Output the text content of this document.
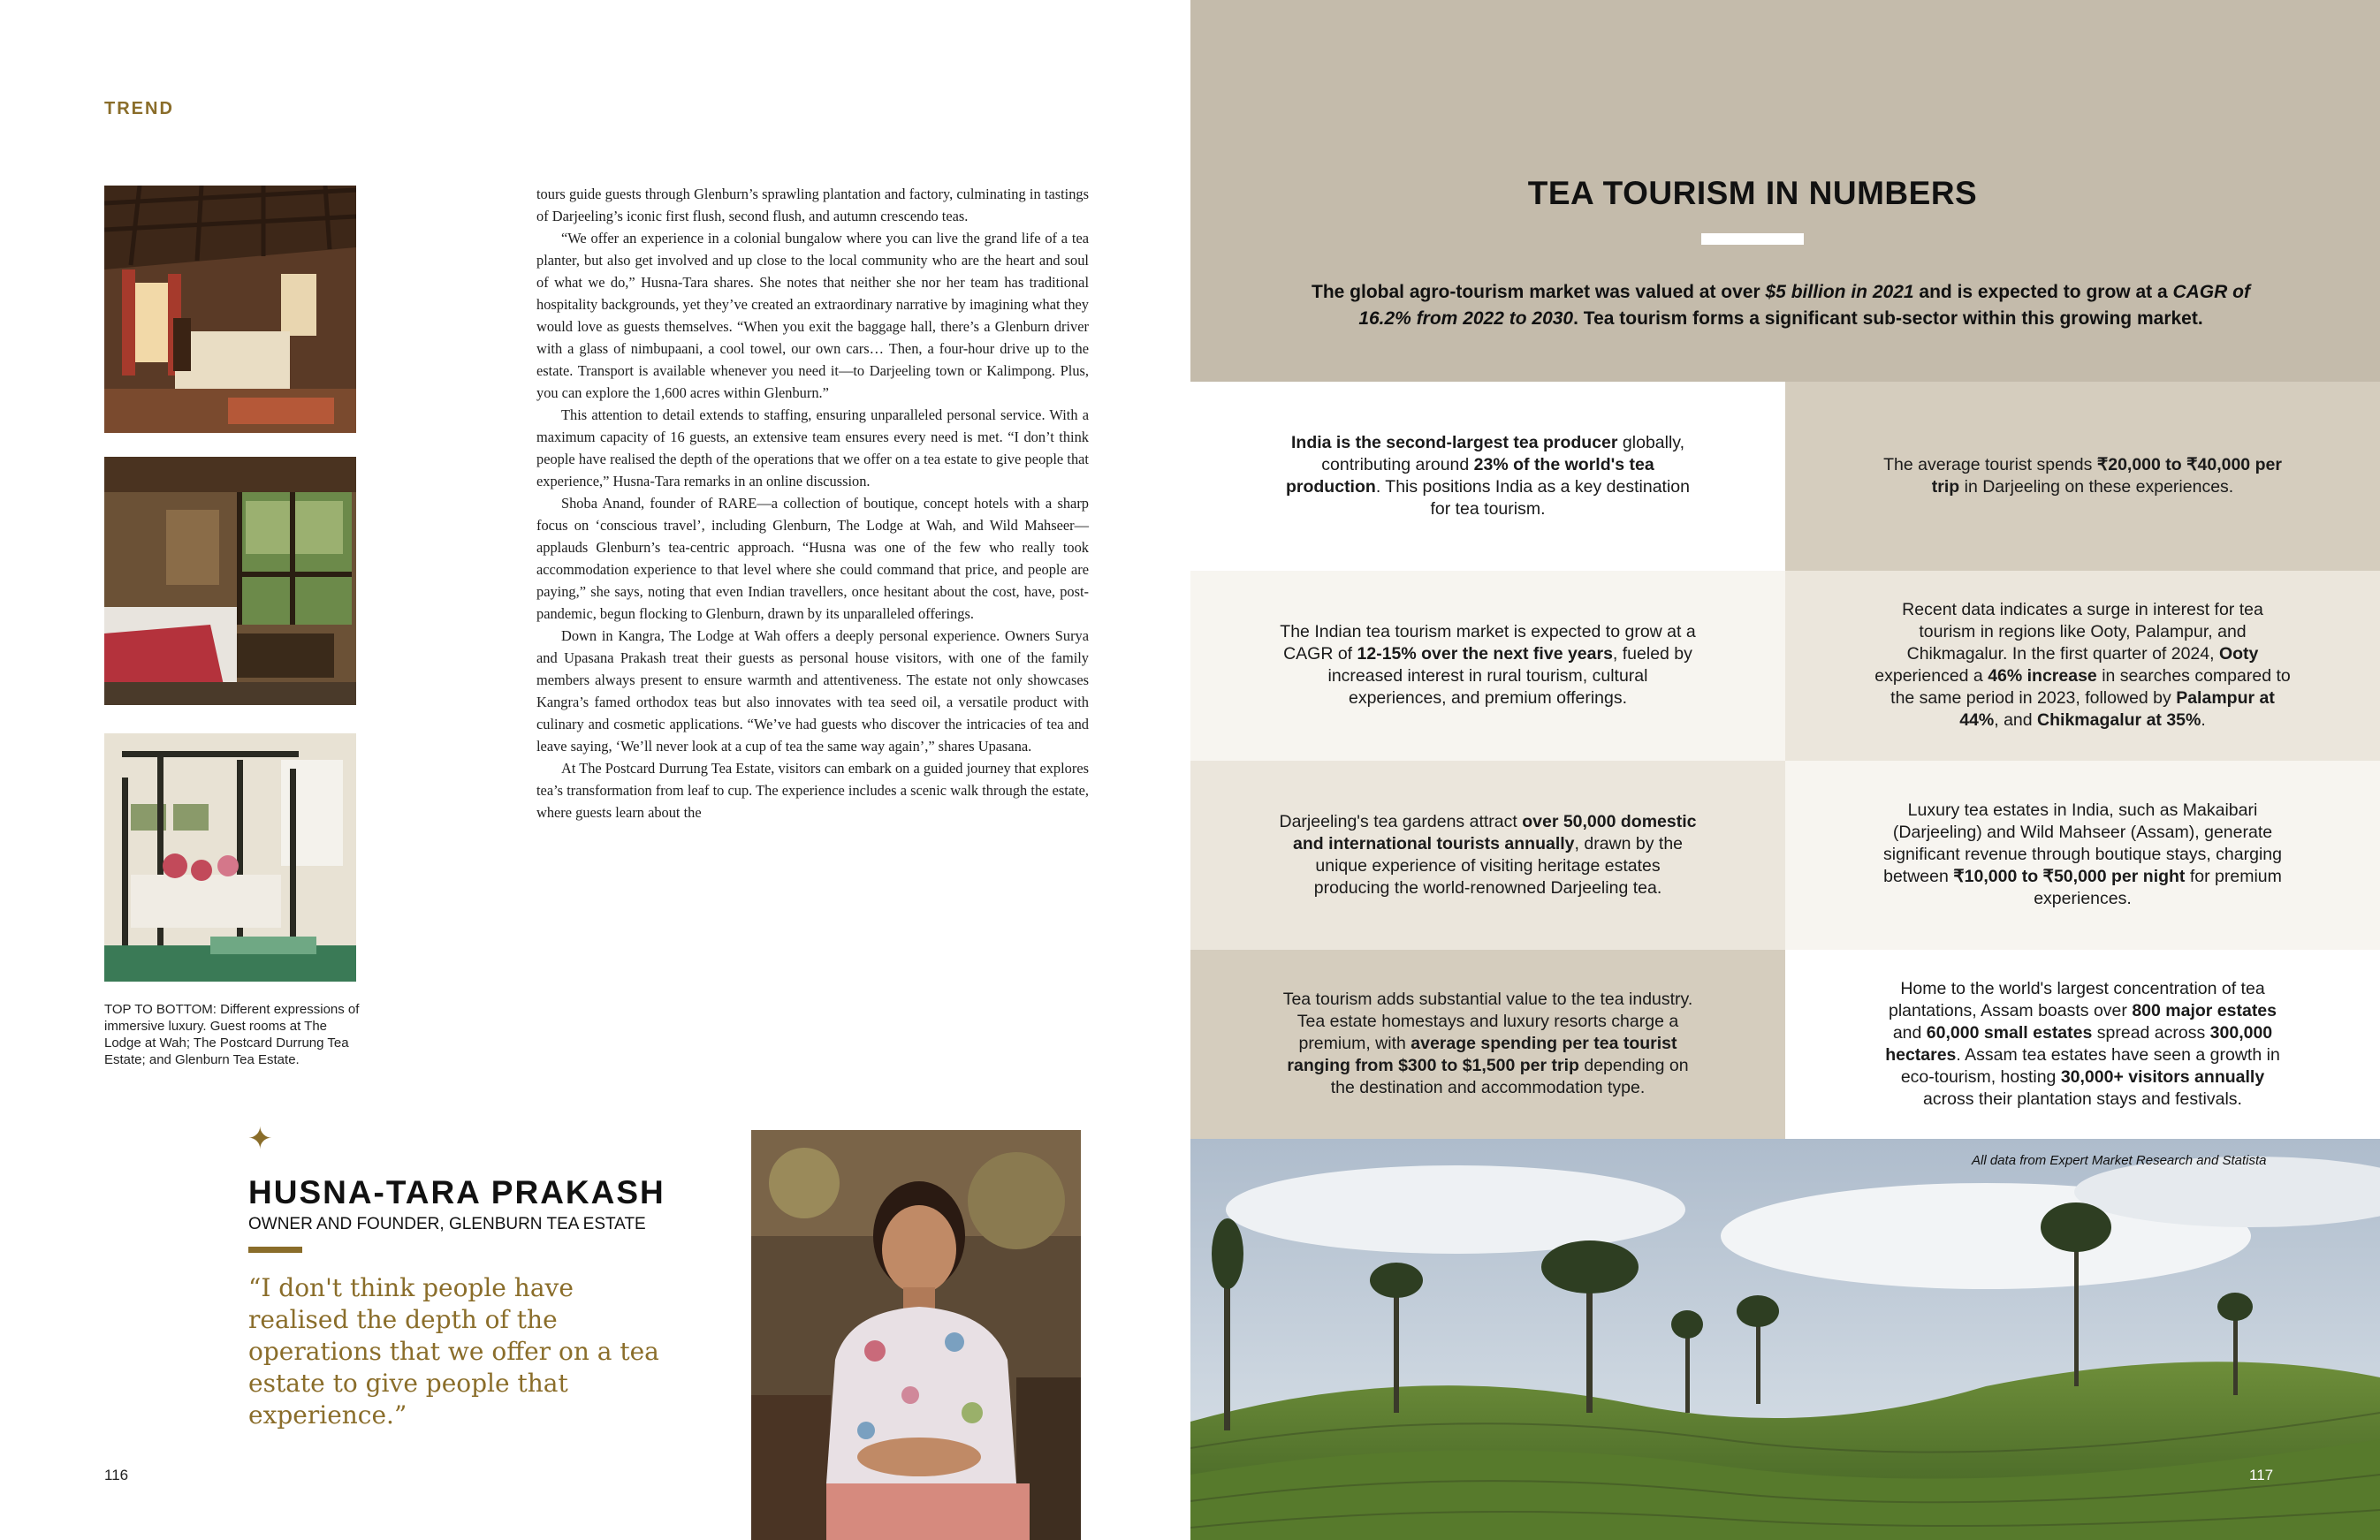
TREND
TOP TO BOTTOM: Different expressions of immersive luxury. Guest rooms at The Lodge at Wah; The Postcard Durrung Tea Estate; and Glenburn Tea Estate.

tours guide guests through Glenburn’s sprawling plantation and factory, culminating in tastings of Darjeeling’s iconic first flush, second flush, and autumn crescendo teas.

“We offer an experience in a colonial bungalow where you can live the grand life of a tea planter, but also get involved and up close to the local community who are the heart and soul of what we do,” Husna-Tara shares. She notes that neither she nor her team has traditional hospitality backgrounds, yet they’ve created an extraordinary narrative by imagining what they would love as guests themselves. “When you exit the baggage hall, there’s a Glenburn driver with a glass of nimbupaani, a cool towel, our own cars… Then, a four-hour drive up to the estate. Transport is available whenever you need it—to Darjeeling town or Kalimpong. Plus, you can explore the 1,600 acres within Glenburn.”

This attention to detail extends to staffing, ensuring unparalleled personal service. With a maximum capacity of 16 guests, an extensive team ensures every need is met. “I don’t think people have realised the depth of the operations that we offer on a tea estate to give people that experience,” Husna-Tara remarks in an online discussion.

Shoba Anand, founder of RARE—a collection of boutique, concept hotels with a sharp focus on ‘conscious travel’, including Glenburn, The Lodge at Wah, and Wild Mahseer—applauds Glenburn’s tea-centric approach. “Husna was one of the few who really took accommodation experience to that level where she could command that price, and people are paying,” she says, noting that even Indian travellers, once hesitant about the cost, have, post-pandemic, begun flocking to Glenburn, drawn by its unparalleled offerings.

Down in Kangra, The Lodge at Wah offers a deeply personal experience. Owners Surya and Upasana Prakash treat their guests as personal house visitors, with one of the family members always present to ensure warmth and attentiveness. The estate not only showcases Kangra’s famed orthodox teas but also innovates with tea seed oil, a versatile product with culinary and cosmetic applications. “We’ve had guests who discover the intricacies of tea and leave saying, ‘We’ll never look at a cup of tea the same way again’,” shares Upasana.

At The Postcard Durrung Tea Estate, visitors can embark on a guided journey that explores tea’s transformation from leaf to cup. The experience includes a scenic walk through the estate, where guests learn about the

✦
HUSNA-TARA PRAKASH
OWNER AND FOUNDER, GLENBURN TEA ESTATE
“I don't think people have realised the depth of the operations that we offer on a tea estate to give people that experience.”
116
TEA TOURISM IN NUMBERS
The global agro-tourism market was valued at over $5 billion in 2021 and is expected to grow at a CAGR of 16.2% from 2022 to 2030. Tea tourism forms a significant sub-sector within this growing market.
India is the second-largest tea producer globally, contributing around 23% of the world's tea production. This positions India as a key destination for tea tourism.
The average tourist spends ₹20,000 to ₹40,000 per trip in Darjeeling on these experiences.
The Indian tea tourism market is expected to grow at a CAGR of 12-15% over the next five years, fueled by increased interest in rural tourism, cultural experiences, and premium offerings.
Recent data indicates a surge in interest for tea tourism in regions like Ooty, Palampur, and Chikmagalur. In the first quarter of 2024, Ooty experienced a 46% increase in searches compared to the same period in 2023, followed by Palampur at 44%, and Chikmagalur at 35%.
Darjeeling's tea gardens attract over 50,000 domestic and international tourists annually, drawn by the unique experience of visiting heritage estates producing the world-renowned Darjeeling tea.
Luxury tea estates in India, such as Makaibari (Darjeeling) and Wild Mahseer (Assam), generate significant revenue through boutique stays, charging between ₹10,000 to ₹50,000 per night for premium experiences.
Tea tourism adds substantial value to the tea industry. Tea estate homestays and luxury resorts charge a premium, with average spending per tea tourist ranging from $300 to $1,500 per trip depending on the destination and accommodation type.
Home to the world's largest concentration of tea plantations, Assam boasts over 800 major estates and 60,000 small estates spread across 300,000 hectares. Assam tea estates have seen a growth in eco-tourism, hosting 30,000+ visitors annually across their plantation stays and festivals.
All data from Expert Market Research and Statista
117
